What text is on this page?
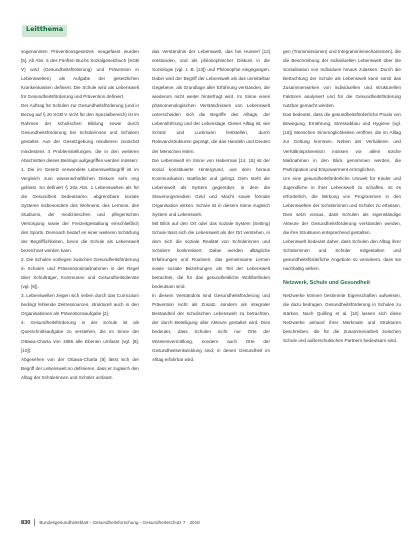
Leitthema

sogenannten Präventionsgesetzes neugefasst wurden [5]. Ab Abs. 5 des Fünften Buchs Sozialgesetzbuch (SGB V) wird (Gesundheitsförderung) und Prävention in Lebenswelten) als Aufgabe der gesetzlichen Krankenkassen definiert. Die Schule wird als Lebenswelt für Gesundheitsförderung und Prävention definiert.

Der Auftrag für Schulen zur Gesundheitsförderung (und in Bezug auf § 20 SGB V nicht für den Spezialbereich) ist im Rahmen der schulischen Bildung sowie durch Gesundheitsförderung bei Schülerinnen und Schülern gestaltet. Aus der Gesetzgebung resultieren zunächst mindestens 4 Problemstellungen, die in den weiteren Abschnitten dieses Beitrags aufgegriffen werden müssen:

1. Die im Gesetz verwendete Lebensweltbegriff ist im Vergleich zum wissenschaftlichen Diskurs sehr eng gefasst. So definiert § 20a Abs. 1 Lebenswelten als für die Gesundheit bedeutsame, abgrenzbare soziale Systeme insbesondere des Wohnens, des Lernens, des Studiums, der medizinischen und pflegerischen Versorgung sowie der Freizeitgestaltung einschließlich des Sports. Demnach bedarf es einer weiteren Schärfung der Begrifflichkeiten, bevor die Schule als Lebenswelt bezeichnet werden kann.
2. Die Schulen vorliegen zwischen Gesundheitsförderung in Schulen und Präventionsmaßnahmen in der Regel über Schulträger, Kommunen und Gesundheitsdienste (vgl. [6]).
3. Lebenswelten zeigen sich neben durch das Curriculum bedingt fehlende Zeitressourcen, strukturell auch in den Organisationen als Präventionsaufgabe [2].
4. Gesundheitsförderung in der Schule ist als Querschnittsaufgabe zu verstehen, die im Sinne der Ottawa-Charta von 1986 alle Ebenen umfasst (vgl. [8], [10]).

Abgesehen von der Ottawa-Charta [8] lässt sich der Begriff der Lebenswelt so definieren, dass er zugleich den Alltag der Schülerinnen und Schüler umfasst.

das Verständnis der Lebenswelt, das bei Husserl [12] entstanden, und als philosophischer Diskurs in die Soziologie (vgl. z. B. [13]) und Philosophie eingegangen. Dabei wird der Begriff der Lebenswelt als das unmittelbar Gegebene, als Grundlage aller Erfahrung verstanden, die wiederum nicht weiter hinterfragt wird. Im Sinne eines phänomenologischen Verständnisses von Lebenswelt unterscheiden sich die Begriffe des Alltags, der Lebensführung und der Lebenslage. Dieser Alltag ist, wie Schütz und Luckmann feststellen, durch Relevanzstrukturen geprägt, die das Handeln und Deuten der Menschen leiten.

Die Lebenswelt im Sinne von Habermas [14, 15] ist der sozial konstituierte Hintergrund, aus dem heraus Kommunikation stattfindet und gelingt. Dem steht die Lebenswelt als System gegenüber, in dem die Steuerungsmedien Geld und Macht sowie formale Organisation wirken. Schule ist in diesem Sinne zugleich System und Lebenswelt.

Mit Blick auf den Ort oder das soziale System (Setting) Schule lässt sich die Lebenswelt als der Ort verstehen, in dem sich die soziale Realität von Schülerinnen und Schülern konkretisiert. Dabei werden alltägliche Erfahrungen und Routinen, das gemeinsame Lernen sowie soziale Beziehungen als Teil der Lebenswelt betrachtet, die für das gesundheitliche Wohlbefinden bedeutsam sind.

In diesem Verständnis sind Gesundheitsförderung und Prävention nicht als Zusatz, sondern als integraler Bestandteil der schulischen Lebenswelt zu betrachten, der durch Beteiligung aller Akteure gestaltet wird. Dies bedeutet, dass Schulen nicht nur Orte der Wissensvermittlung, sondern auch Orte der Gesundheitsentwicklung sind, in denen Gesundheit im Alltag erfahrbar wird.

gen (Transmissionen) und Integrationsmechanismen), die die Beschreibung der individuellen Lebenswelt über die Sozialisation von Individuen hinaus zulassen. Durch die Betrachtung der Schule als Lebenswelt kann somit das Zusammenwirken von individuellen und strukturellen Faktoren analysiert und für die Gesundheitsförderung nutzbar gemacht werden.

Das bedeutet, dass die gesundheitsförderliche Praxis von Bewegung, Ernährung, Stressabbau und Hygiene (vgl. [16]) Menschen Sinnmöglichkeiten eröffnet, die im Alltag zur Geltung kommen. Neben der Verhaltens- und Verhältnisprävention müssen vor allem solche Maßnahmen in den Blick genommen werden, die Partizipation und Empowerment ermöglichen.

Um eine gesundheitsförderliche Umwelt für Kinder und Jugendliche in ihrer Lebenswelt zu schaffen, ist es erforderlich, die Wirkung von Programmen in den Lebenswelten der Schülerinnen und Schüler zu erfassen. Dies setzt voraus, dass Schulen als eigenständige Akteure der Gesundheitsförderung verstanden werden, die ihre Strukturen entsprechend gestalten.

Lebenswelt bedeutet daher, dass Schulen den Alltag ihrer Schülerinnen und Schüler mitgestalten und gesundheitsförderliche Angebote so verankern, dass sie nachhaltig wirken.

Netzwerk, Schule und Gesundheit

Netzwerke können bestimmte Eigenschaften aufweisen, die dazu beitragen, Gesundheitsförderung in Schulen zu stärken. Nach Quilling et al. [10] lassen sich diese Netzwerke anhand ihrer Merkmale und Strukturen beschreiben, die für die Zusammenarbeit zwischen Schule und außerschulischen Partnern bedeutsam sind.

830 Bundesgesundheitsblatt - Gesundheitsforschung - Gesundheitsschutz 7 · 2018
